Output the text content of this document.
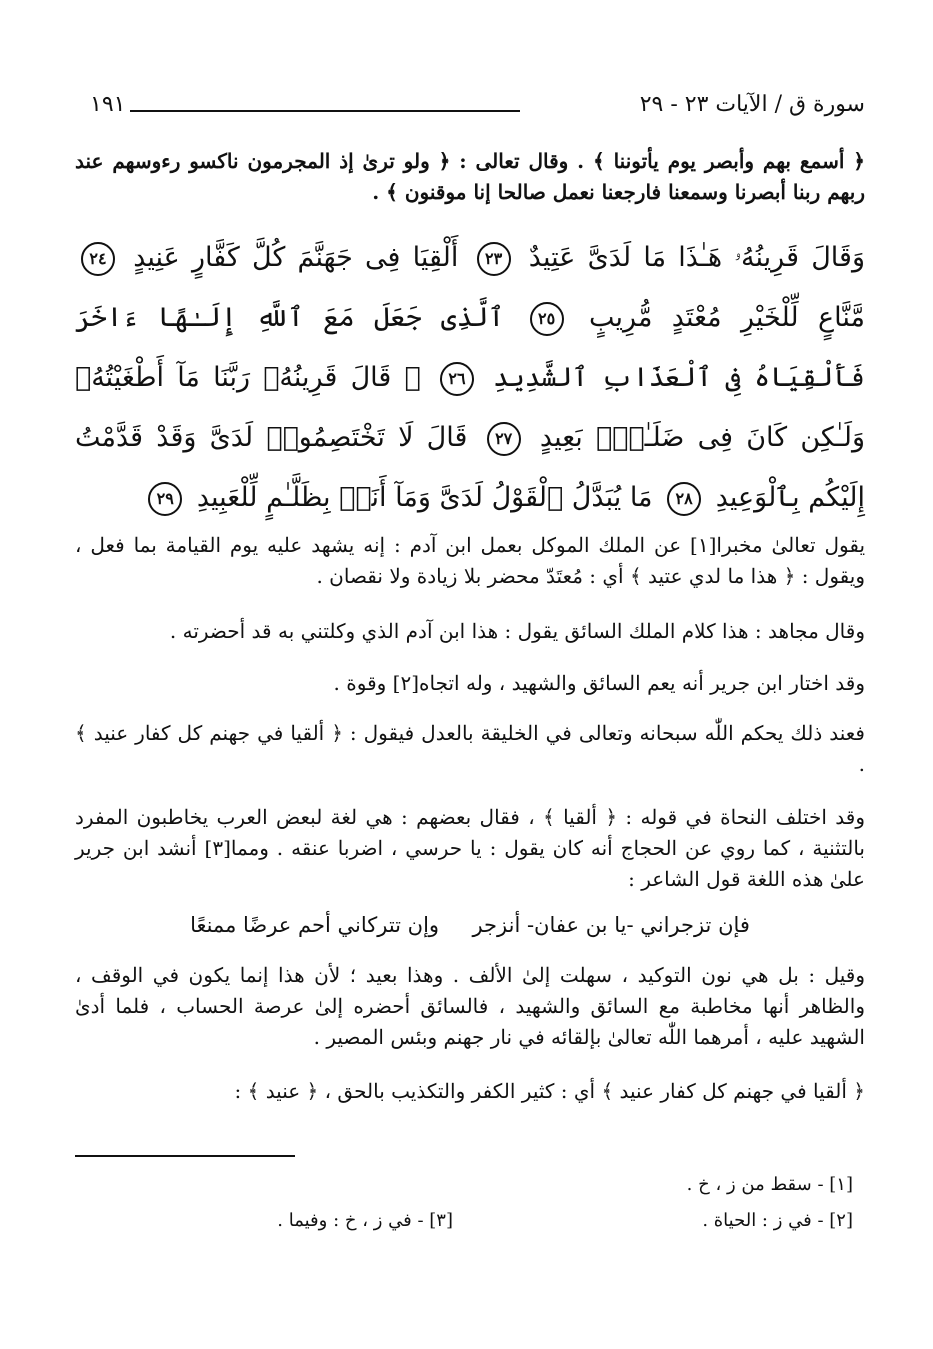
سورة ق / الآيات ٢٣ - ٢٩
١٩١
﴿ أسمع بهم وأبصر يوم يأتوننا ﴾ . وقال تعالى : ﴿ ولو ترىٰ إذ المجرمون ناكسو رءوسهم عند ربهم ربنا أبصرنا وسمعنا فارجعنا نعمل صالحا إنا موقنون ﴾ .
وَقَالَ قَرِينُهُۥ هَـٰذَا مَا لَدَىَّ عَتِيدٌ ٢٣ أَلْقِيَا فِى جَهَنَّمَ كُلَّ كَفَّارٍ عَنِيدٍ ٢٤ مَّنَّاعٍ لِّلْخَيْرِ مُعْتَدٍ مُّرِيبٍ ٢٥ ٱلَّذِى جَعَلَ مَعَ ٱللَّهِ إِلَـٰهًا ءَاخَرَ فَأَلْقِيَاهُ فِى ٱلْعَذَابِ ٱلشَّدِيدِ ٢٦ ۞ قَالَ قَرِينُهُۥ رَبَّنَا مَآ أَطْغَيْتُهُۥ وَلَـٰكِن كَانَ فِى ضَلَـٰلٍۭ بَعِيدٍ ٢٧ قَالَ لَا تَخْتَصِمُوا۟ لَدَىَّ وَقَدْ قَدَّمْتُ إِلَيْكُم بِٱلْوَعِيدِ ٢٨ مَا يُبَدَّلُ ٱلْقَوْلُ لَدَىَّ وَمَآ أَنَا۠ بِظَلَّـٰمٍ لِّلْعَبِيدِ ٢٩
يقول تعالىٰ مخبرا[١] عن الملك الموكل بعمل ابن آدم : إنه يشهد عليه يوم القيامة بما فعل ، ويقول : ﴿ هذا ما لدي عتيد ﴾ أي : مُعتَدّ محضر بلا زيادة ولا نقصان .
وقال مجاهد : هذا كلام الملك السائق يقول : هذا ابن آدم الذي وكلتني به قد أحضرته .
وقد اختار ابن جرير أنه يعم السائق والشهيد ، وله اتجاه[٢] وقوة .
فعند ذلك يحكم اللّٰه سبحانه وتعالى في الخليقة بالعدل فيقول : ﴿ ألقيا في جهنم كل كفار عنيد ﴾ .
وقد اختلف النحاة في قوله : ﴿ ألقيا ﴾ ، فقال بعضهم : هي لغة لبعض العرب يخاطبون المفرد بالتثنية ، كما روي عن الحجاج أنه كان يقول : يا حرسي ، اضربا عنقه . ومما[٣] أنشد ابن جرير علىٰ هذه اللغة قول الشاعر :
فإن تزجراني -يا بن عفان- أنزجر     وإن تتركاني أحم عرضًا ممنعًا
وقيل : بل هي نون التوكيد ، سهلت إلىٰ الألف . وهذا بعيد ؛ لأن هذا إنما يكون في الوقف ، والظاهر أنها مخاطبة مع السائق والشهيد ، فالسائق أحضره إلىٰ عرصة الحساب ، فلما أدىٰ الشهيد عليه ، أمرهما اللّٰه تعالىٰ بإلقائه في نار جهنم وبئس المصير .
﴿ ألقيا في جهنم كل كفار عنيد ﴾ أي : كثير الكفر والتكذيب بالحق ، ﴿ عنيد ﴾ :
[١] - سقط من ز ، خ .
[٢] - في ز : الحياة .
[٣] - في ز ، خ : وفيما .
